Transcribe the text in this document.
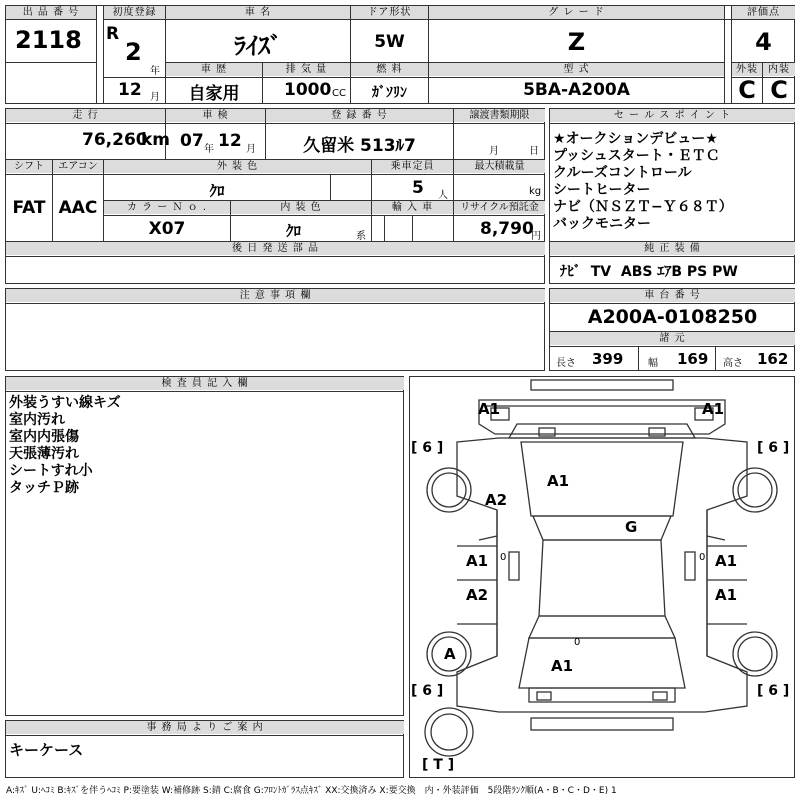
出 品 番 号
2118
初度登録
R
2
年
12 月
車 名
ﾗｲｽﾞ
ドア形状
5W
グ レ ー ド
Z
評価点
4
車 歴
自家用
排 気 量
1000 CC
燃 料
ｶﾞｿﾘﾝ
型 式
5BA-A200A
外装
C
内装
C
走 行
76,260
km
車 検
07 年 12 月
登 録 番 号
久留米 513ﾙ7
譲渡書類期限
月	日
シフト
FAT
エアコン
AAC
外 装 色
ｸﾛ
乗車定員
5 人
最大積載量
kg
カ ラ ー Ｎ ｏ .
X07
内 装 色
ｸﾛ	系
輸 入 車	リサイクル預託金
8,790
円
後 日 発 送 部 品
セ ー ル ス ポ イ ン ト
★オークションデビュー★
プッシュスタート・ＥＴＣ
クルーズコントロール
シートヒーター
ナビ（ＮＳＺＴ−Ｙ６８Ｔ）
バックモニター
純 正 装 備
ﾅﾋﾞ  TV  ABS ｴｱB PS PW
注 意 事 項 欄	車 台 番 号
A200A-0108250
諸 元
長さ 399 幅 169 高さ 162
検 査 員 記 入 欄
外装うすい線キズ
室内汚れ
室内内張傷
天張薄汚れ
シートすれ小
タッチＰ跡
事 務 局 よ り ご 案 内
キーケース
A1	A1
A1
A2
G
A1	A1
A2	A1
A
A1
0	0
0
[ 6 ]	[ 6 ]
[ 6 ]	[ 6 ]
[ T ]
A:ｷｽﾞ U:ﾍｺﾐ B:ｷｽﾞを伴うﾍｺﾐ P:要塗装 W:補修跡 S:錆 C:腐食 G:ﾌﾛﾝﾄｶﾞﾗｽ点ｷｽﾞ XX:交換済み X:要交換　内・外装評価　5段階ﾗﾝｸ順(A・B・C・D・E) 1
